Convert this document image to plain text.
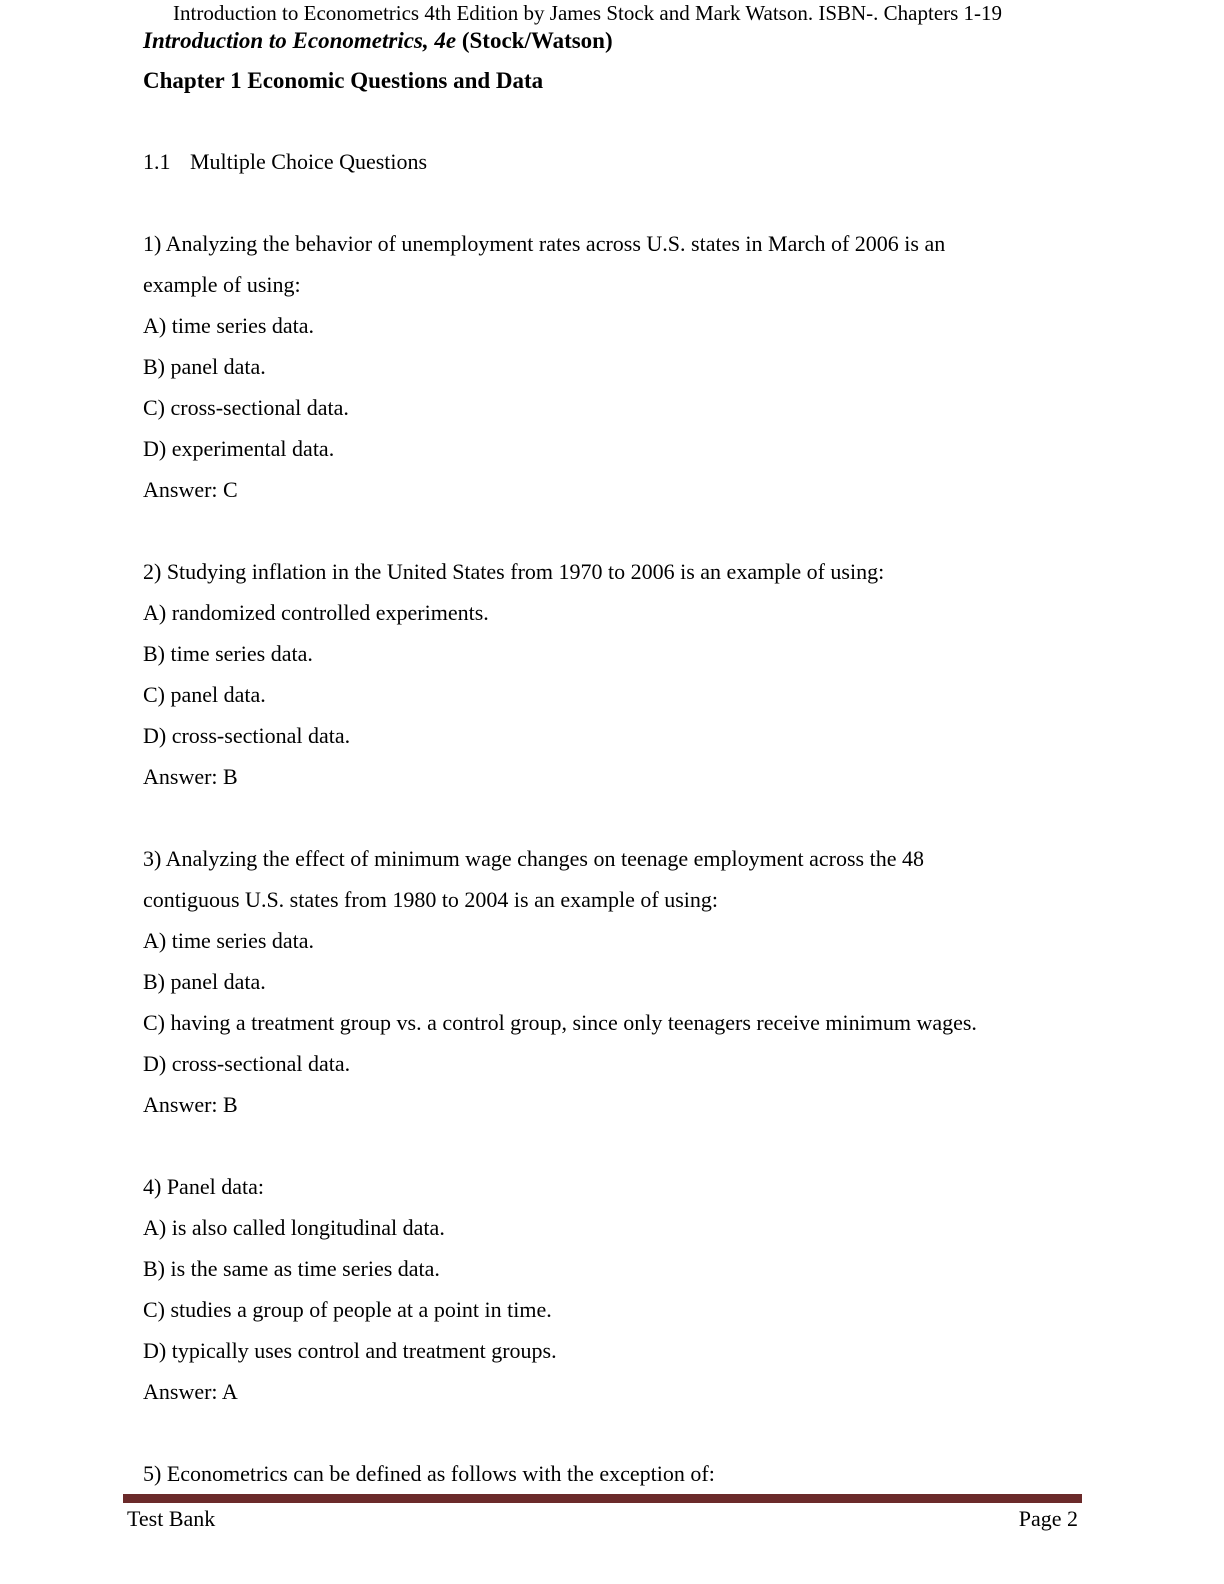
Introduction to Econometrics 4th Edition by James Stock and Mark Watson. ISBN-. Chapters 1-19
Introduction to Econometrics, 4e (Stock/Watson)
Chapter 1 Economic Questions and Data
1.1 Multiple Choice Questions
1) Analyzing the behavior of unemployment rates across U.S. states in March of 2006 is an
example of using:
A) time series data.
B) panel data.
C) cross-sectional data.
D) experimental data.
Answer: C
2) Studying inflation in the United States from 1970 to 2006 is an example of using:
A) randomized controlled experiments.
B) time series data.
C) panel data.
D) cross-sectional data.
Answer: B
3) Analyzing the effect of minimum wage changes on teenage employment across the 48
contiguous U.S. states from 1980 to 2004 is an example of using:
A) time series data.
B) panel data.
C) having a treatment group vs. a control group, since only teenagers receive minimum wages.
D) cross-sectional data.
Answer: B
4) Panel data:
A) is also called longitudinal data.
B) is the same as time series data.
C) studies a group of people at a point in time.
D) typically uses control and treatment groups.
Answer: A
5) Econometrics can be defined as follows with the exception of:
Test Bank	Page 2
